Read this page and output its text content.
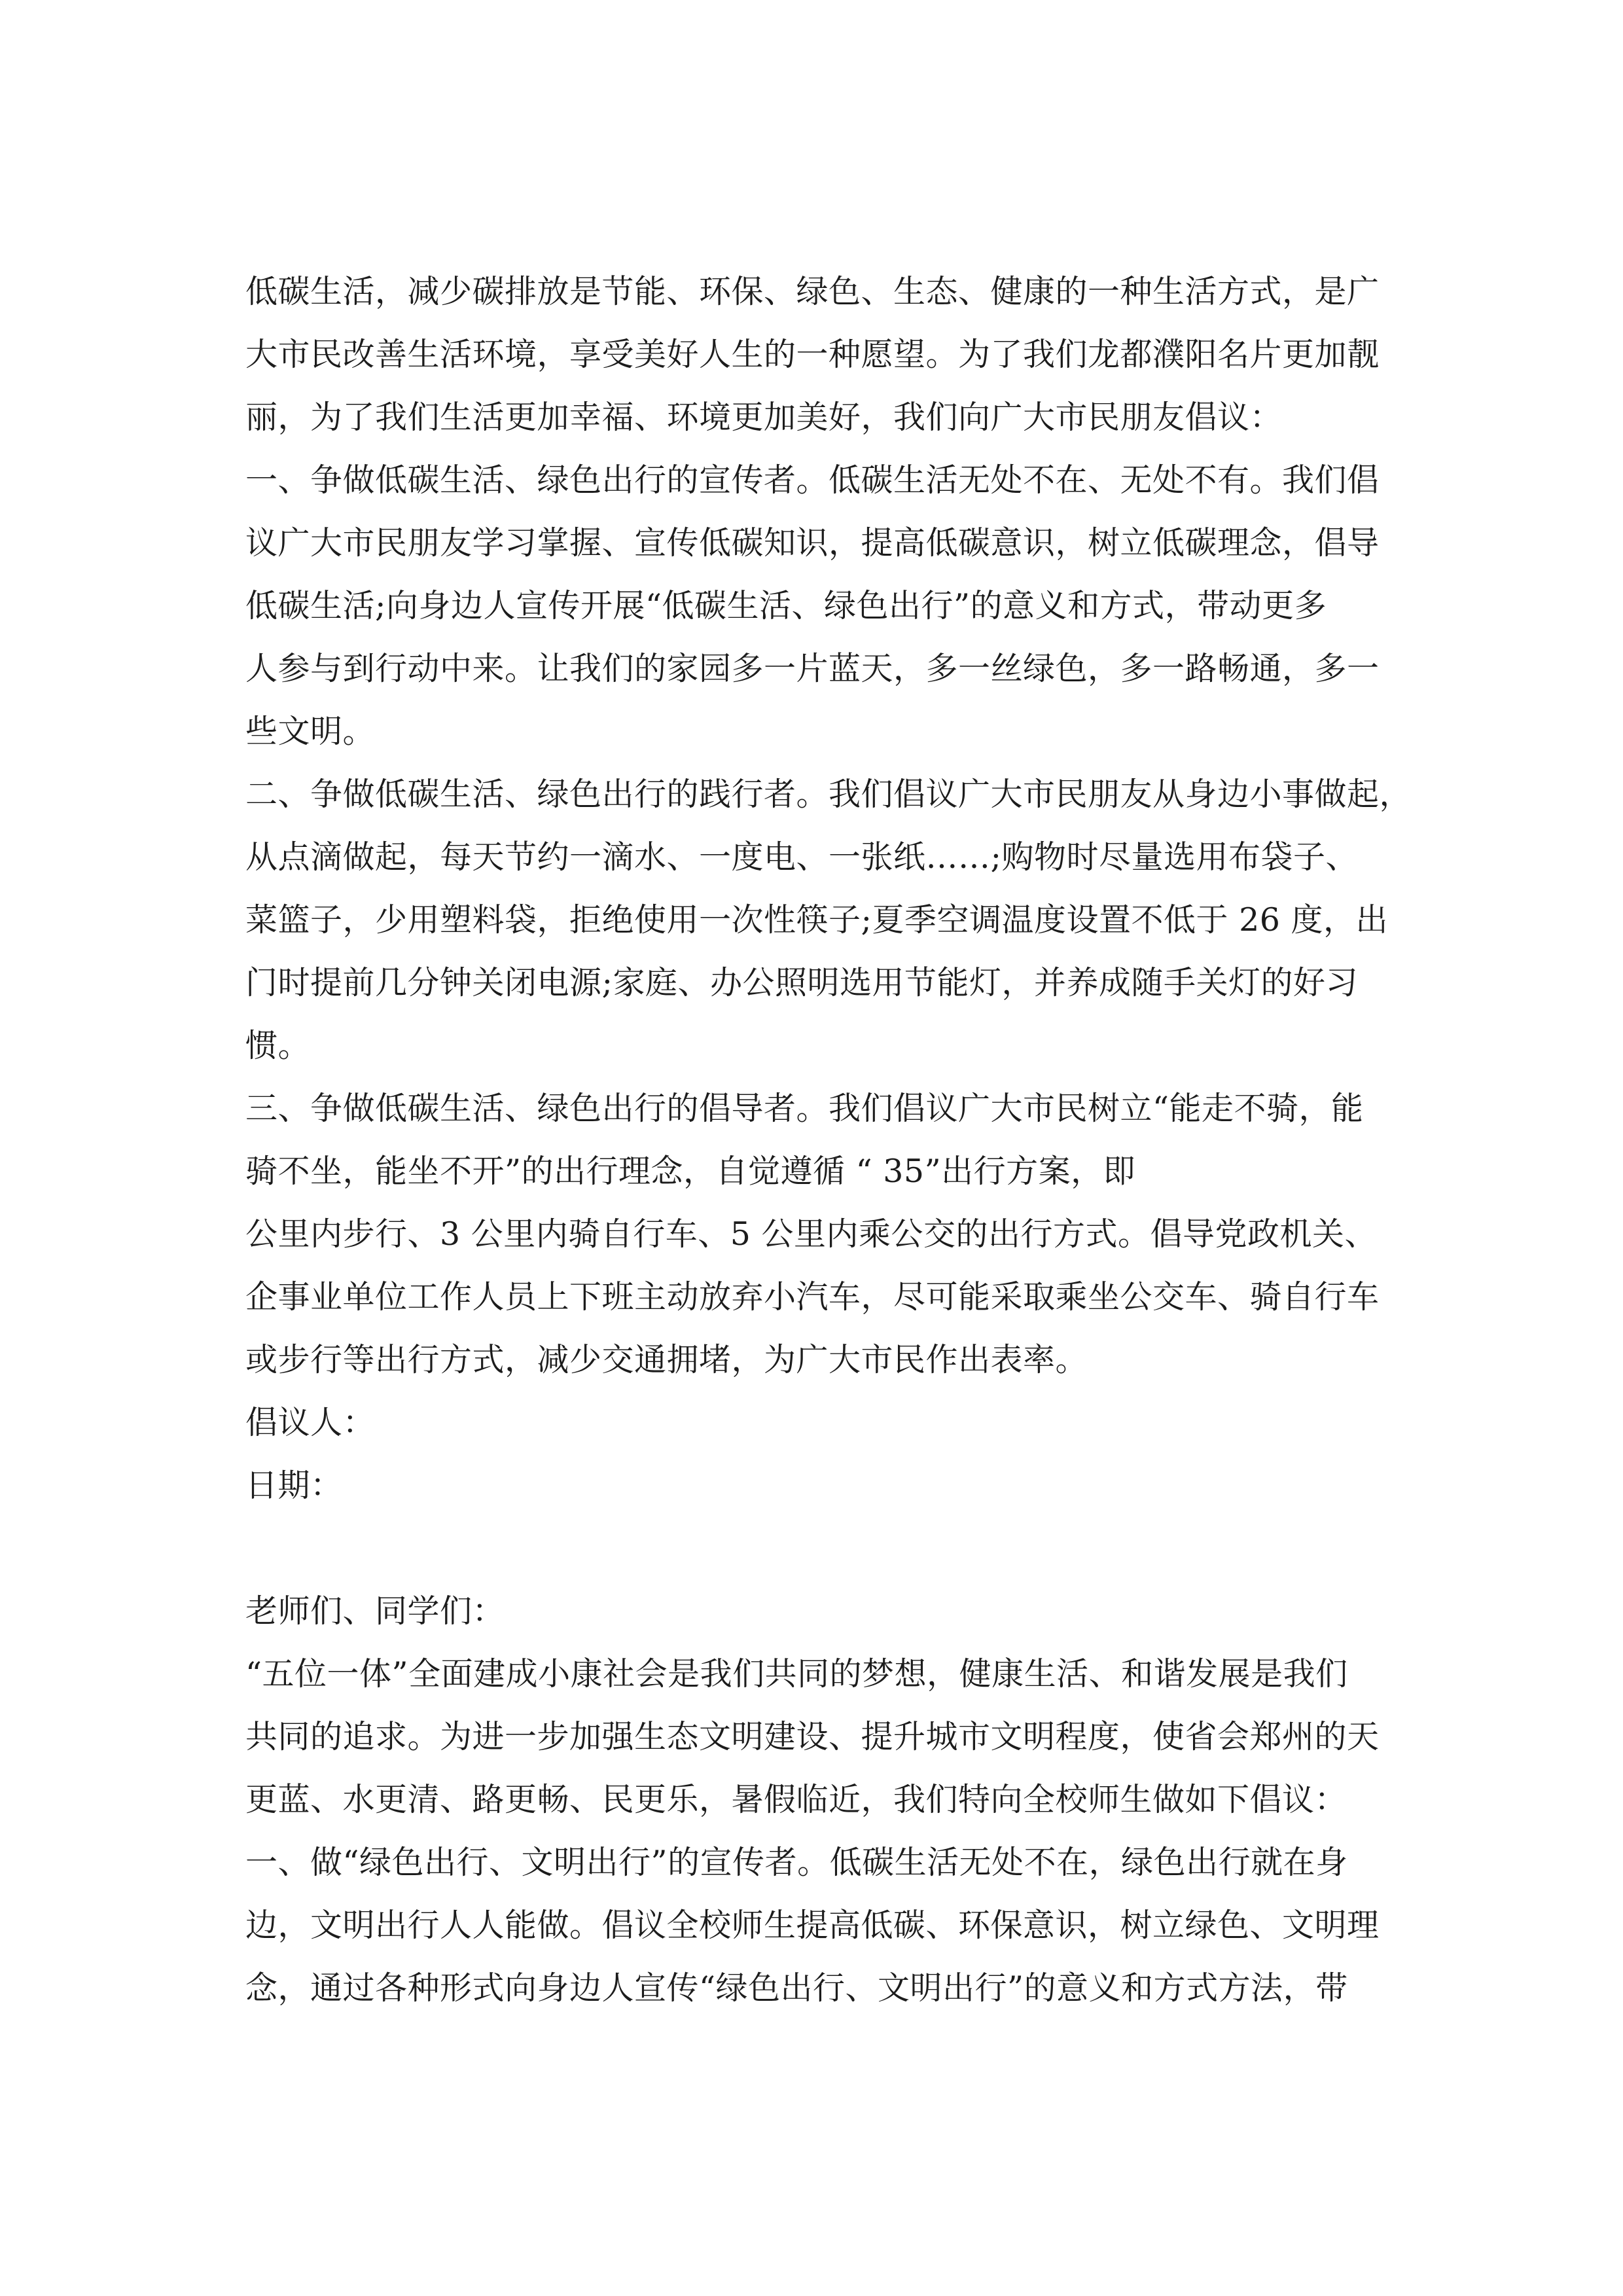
低碳生活，减少碳排放是节能、环保、绿色、生态、健康的一种生活方式，是广
大市民改善生活环境，享受美好人生的一种愿望。为了我们龙都濮阳名片更加靓
丽，为了我们生活更加幸福、环境更加美好，我们向广大市民朋友倡议：
一、争做低碳生活、绿色出行的宣传者。低碳生活无处不在、无处不有。我们倡
议广大市民朋友学习掌握、宣传低碳知识，提高低碳意识，树立低碳理念，倡导
低碳生活;向身边人宣传开展“低碳生活、绿色出行”的意义和方式，带动更多
人参与到行动中来。让我们的家园多一片蓝天，多一丝绿色，多一路畅通，多一
些文明。
二、争做低碳生活、绿色出行的践行者。我们倡议广大市民朋友从身边小事做起，
从点滴做起，每天节约一滴水、一度电、一张纸……;购物时尽量选用布袋子、
菜篮子，少用塑料袋，拒绝使用一次性筷子;夏季空调温度设置不低于 26 度，出
门时提前几分钟关闭电源;家庭、办公照明选用节能灯，并养成随手关灯的好习
惯。
三、争做低碳生活、绿色出行的倡导者。我们倡议广大市民树立“能走不骑，能
骑不坐，能坐不开”的出行理念，自觉遵循 “ 35”出行方案，即
公里内步行、3 公里内骑自行车、5 公里内乘公交的出行方式。倡导党政机关、
企事业单位工作人员上下班主动放弃小汽车，尽可能采取乘坐公交车、骑自行车
或步行等出行方式，减少交通拥堵，为广大市民作出表率。
倡议人：
日期：
老师们、同学们：
“五位一体”全面建成小康社会是我们共同的梦想，健康生活、和谐发展是我们
共同的追求。为进一步加强生态文明建设、提升城市文明程度，使省会郑州的天
更蓝、水更清、路更畅、民更乐，暑假临近，我们特向全校师生做如下倡议：
一、做“绿色出行、文明出行”的宣传者。低碳生活无处不在，绿色出行就在身
边，文明出行人人能做。倡议全校师生提高低碳、环保意识，树立绿色、文明理
念，通过各种形式向身边人宣传“绿色出行、文明出行”的意义和方式方法，带
